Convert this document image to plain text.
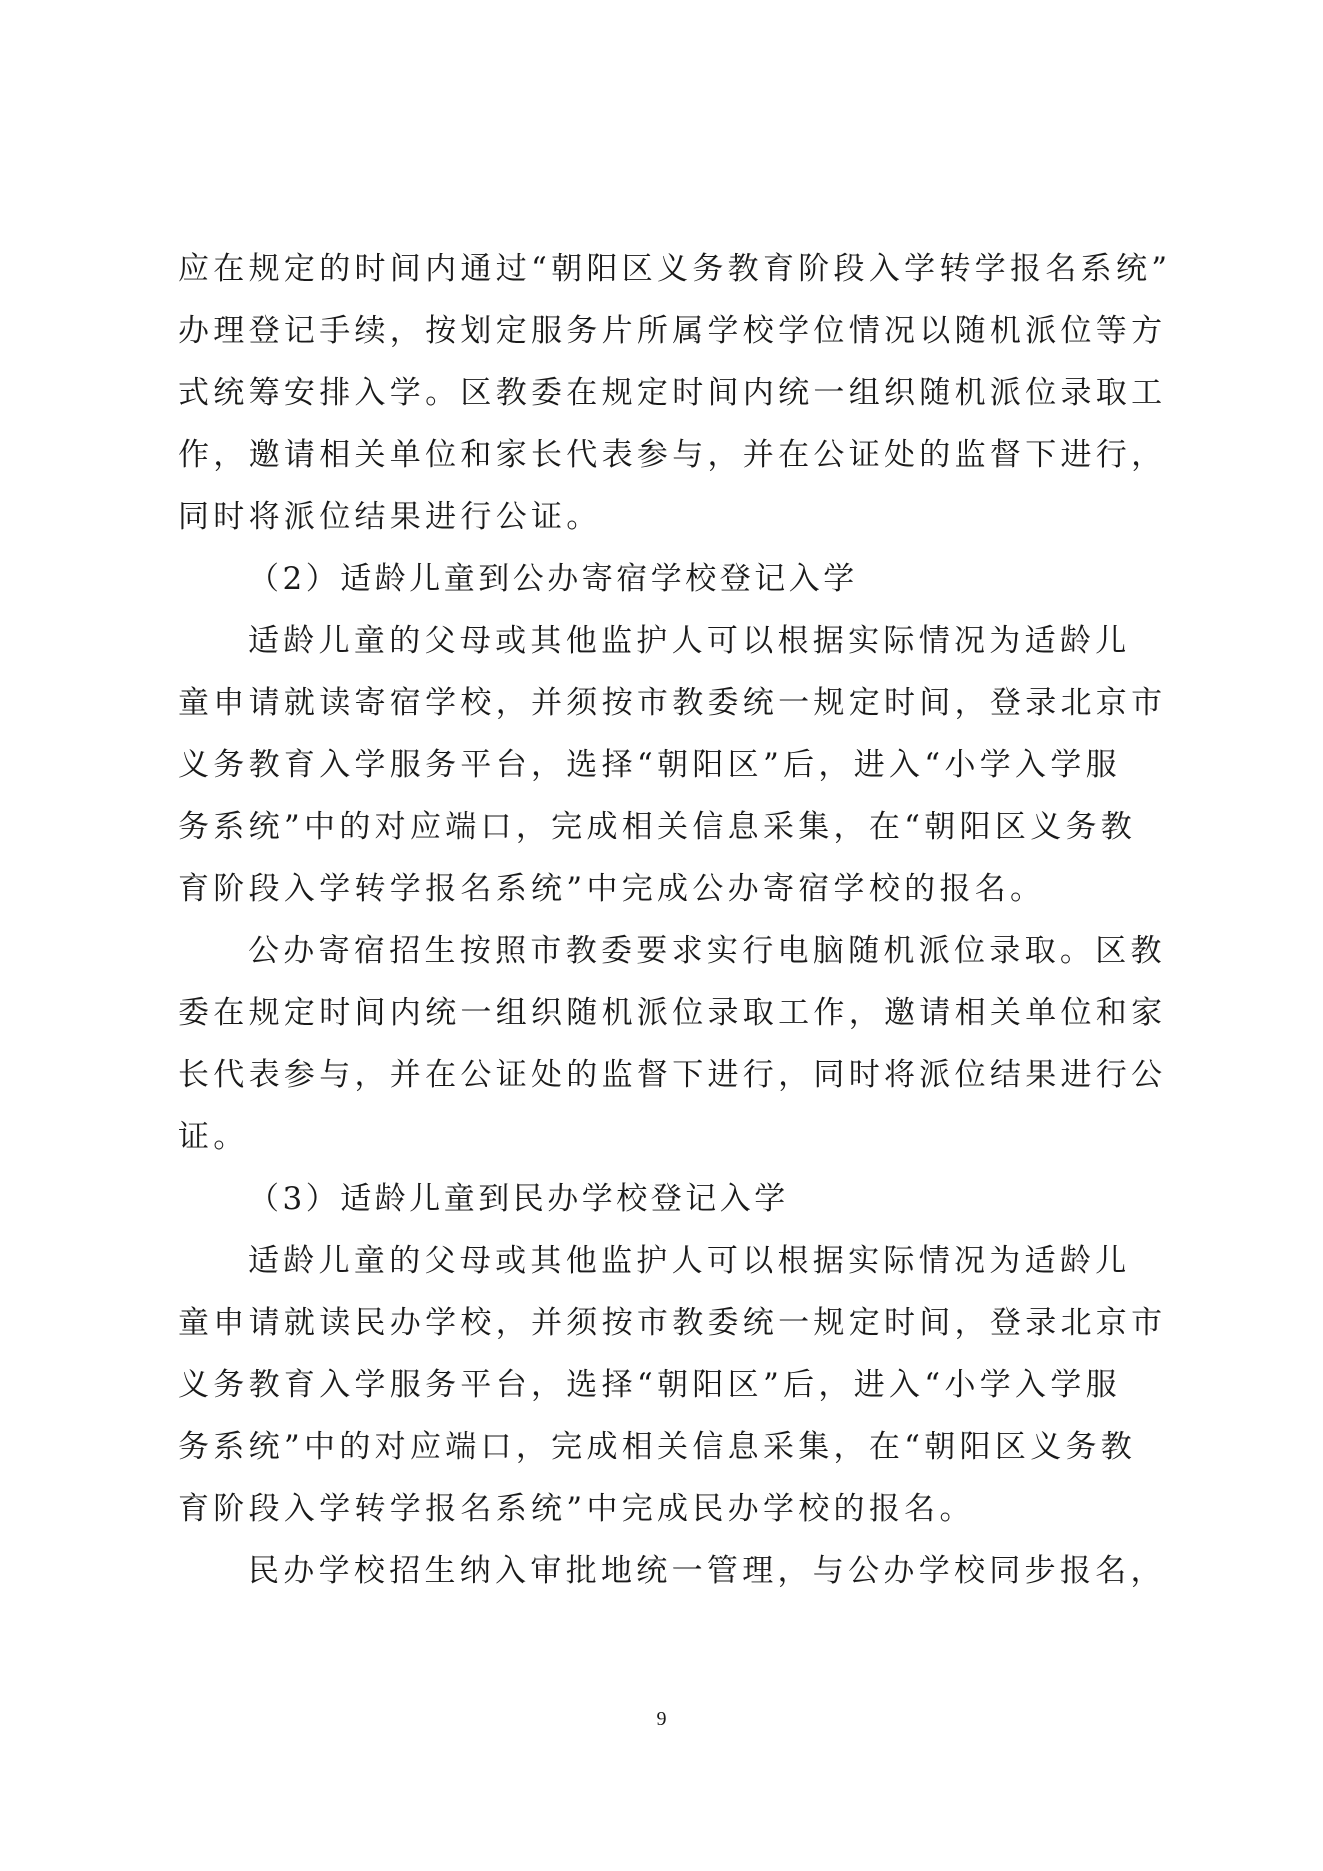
应在规定的时间内通过“朝阳区义务教育阶段入学转学报名系统”
办理登记手续，按划定服务片所属学校学位情况以随机派位等方
式统筹安排入学。区教委在规定时间内统一组织随机派位录取工
作，邀请相关单位和家长代表参与，并在公证处的监督下进行，
同时将派位结果进行公证。
（2）适龄儿童到公办寄宿学校登记入学
适龄儿童的父母或其他监护人可以根据实际情况为适龄儿
童申请就读寄宿学校，并须按市教委统一规定时间，登录北京市
义务教育入学服务平台，选择“朝阳区”后，进入“小学入学服
务系统”中的对应端口，完成相关信息采集，在“朝阳区义务教
育阶段入学转学报名系统”中完成公办寄宿学校的报名。
公办寄宿招生按照市教委要求实行电脑随机派位录取。区教
委在规定时间内统一组织随机派位录取工作，邀请相关单位和家
长代表参与，并在公证处的监督下进行，同时将派位结果进行公
证。
（3）适龄儿童到民办学校登记入学
适龄儿童的父母或其他监护人可以根据实际情况为适龄儿
童申请就读民办学校，并须按市教委统一规定时间，登录北京市
义务教育入学服务平台，选择“朝阳区”后，进入“小学入学服
务系统”中的对应端口，完成相关信息采集，在“朝阳区义务教
育阶段入学转学报名系统”中完成民办学校的报名。
民办学校招生纳入审批地统一管理，与公办学校同步报名，
9
